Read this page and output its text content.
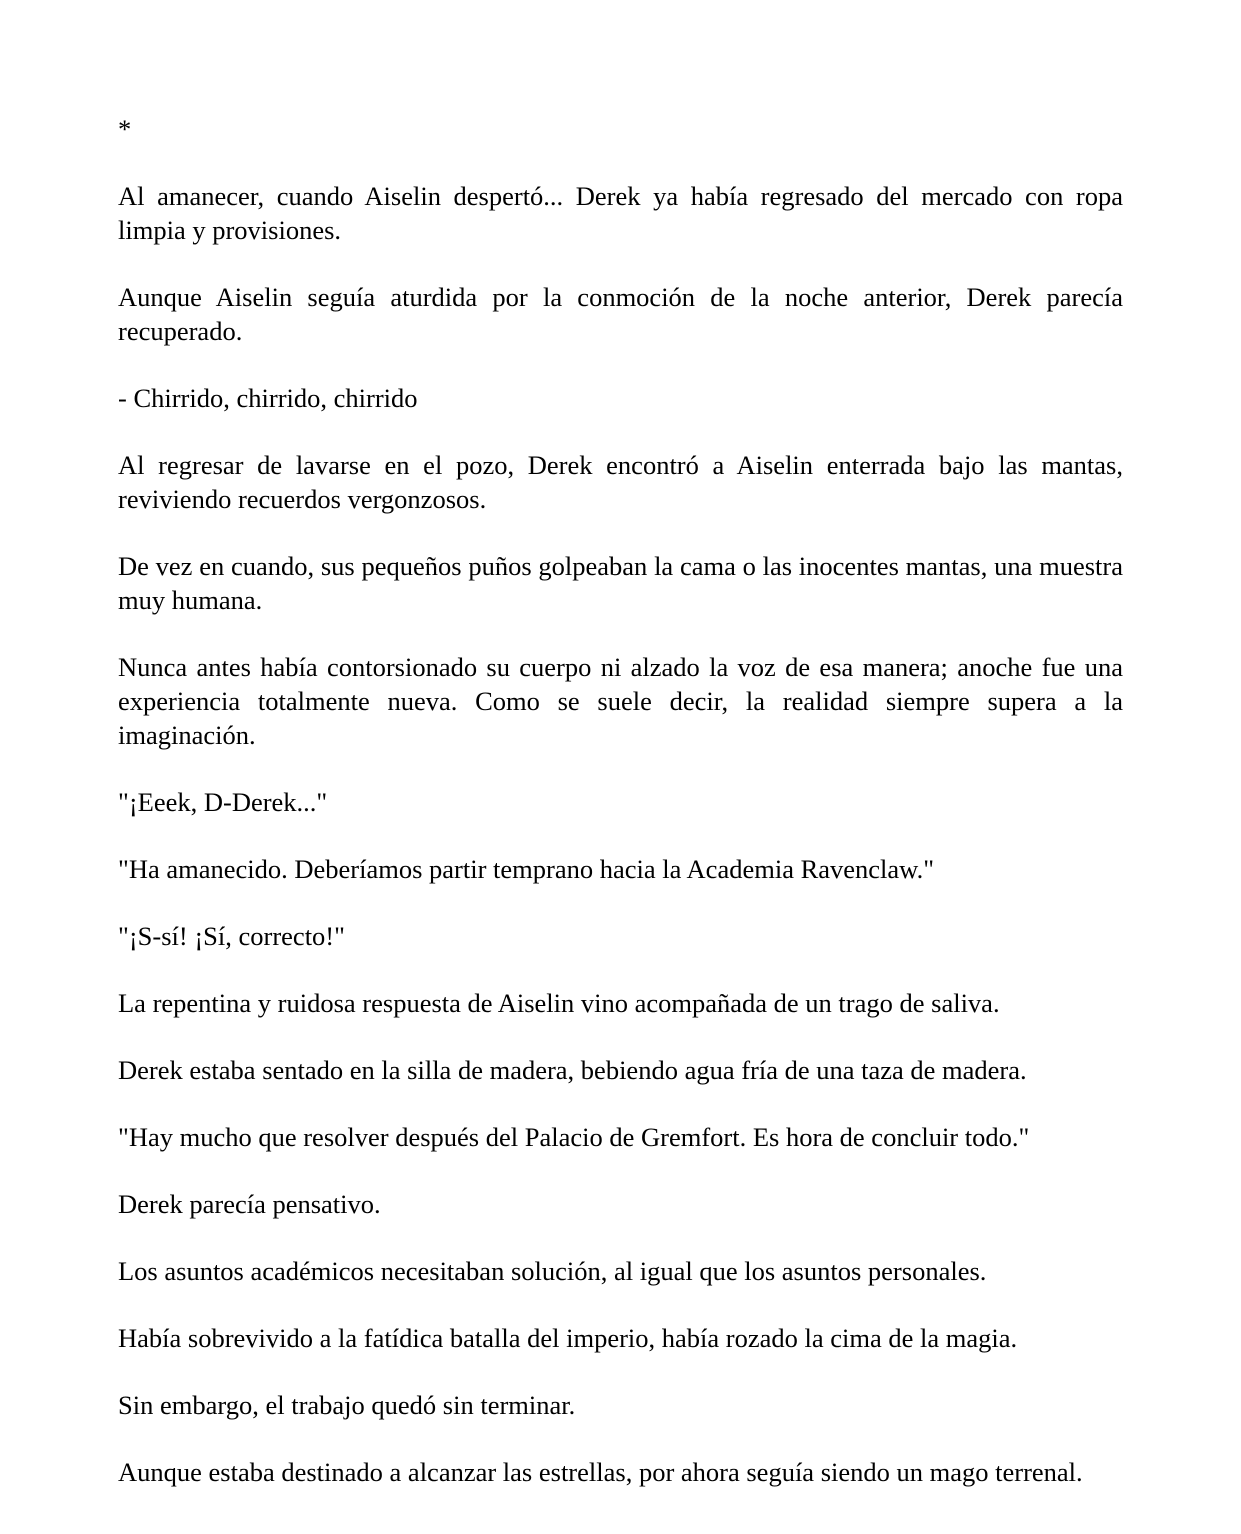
*

Al amanecer, cuando Aiselin despertó... Derek ya había regresado del mercado con ropa limpia y provisiones.

Aunque Aiselin seguía aturdida por la conmoción de la noche anterior, Derek parecía recuperado.

- Chirrido, chirrido, chirrido

Al regresar de lavarse en el pozo, Derek encontró a Aiselin enterrada bajo las mantas, reviviendo recuerdos vergonzosos.

De vez en cuando, sus pequeños puños golpeaban la cama o las inocentes mantas, una muestra muy humana.

Nunca antes había contorsionado su cuerpo ni alzado la voz de esa manera; anoche fue una experiencia totalmente nueva. Como se suele decir, la realidad siempre supera a la imaginación.

"¡Eeek, D-Derek..."

"Ha amanecido. Deberíamos partir temprano hacia la Academia Ravenclaw."

"¡S-sí! ¡Sí, correcto!"

La repentina y ruidosa respuesta de Aiselin vino acompañada de un trago de saliva.

Derek estaba sentado en la silla de madera, bebiendo agua fría de una taza de madera.

"Hay mucho que resolver después del Palacio de Gremfort. Es hora de concluir todo."

Derek parecía pensativo.

Los asuntos académicos necesitaban solución, al igual que los asuntos personales.

Había sobrevivido a la fatídica batalla del imperio, había rozado la cima de la magia.

Sin embargo, el trabajo quedó sin terminar.

Aunque estaba destinado a alcanzar las estrellas, por ahora seguía siendo un mago terrenal.
